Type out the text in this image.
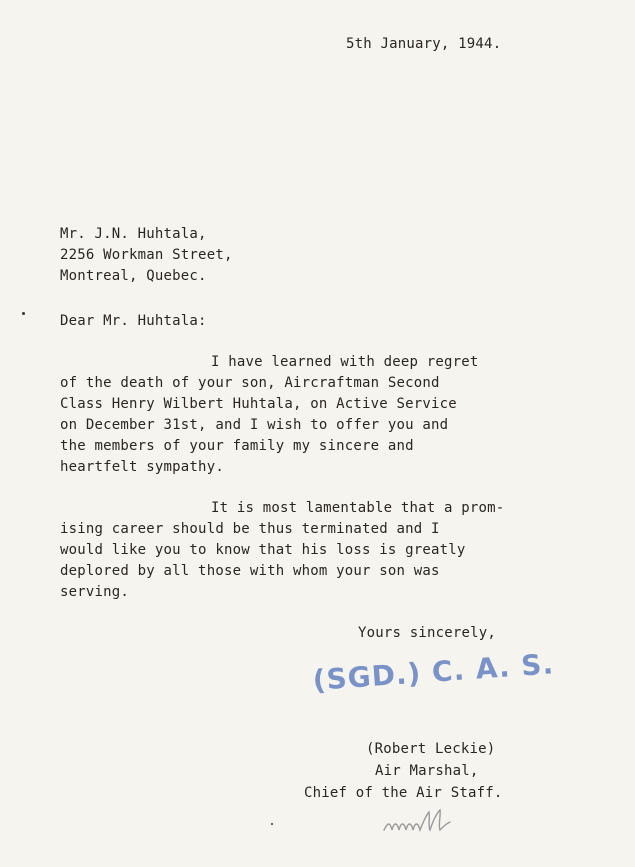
5th January, 1944.
Mr. J.N. Huhtala,
2256 Workman Street,
Montreal, Quebec.
Dear Mr. Huhtala:
I have learned with deep regret
of the death of your son, Aircraftman Second
Class Henry Wilbert Huhtala, on Active Service
on December 31st, and I wish to offer you and
the members of your family my sincere and
heartfelt sympathy.
It is most lamentable that a prom-
ising career should be thus terminated and I
would like you to know that his loss is greatly
deplored by all those with whom your son was
serving.
Yours sincerely,
(SGD.) C. A. S.
(Robert Leckie)
Air Marshal,
Chief of the Air Staff.
